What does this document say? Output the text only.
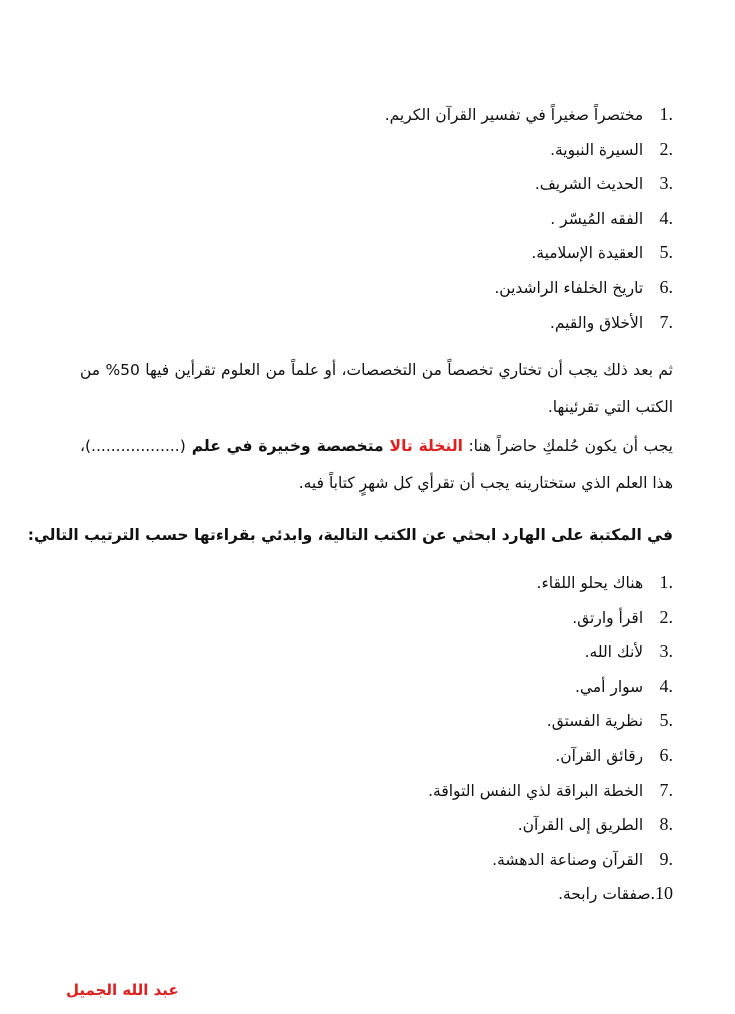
.1  مختصراً صغيراً في تفسير القرآن الكريم.
.2  السيرة النبوية.
.3  الحديث الشريف.
.4  الفقه المُيسّر .
.5  العقيدة الإسلامية.
.6  تاريخ الخلفاء الراشدين.
.7  الأخلاق والقيم.

ثم بعد ذلك يجب أن تختاري تخصصاً من التخصصات، أو علماً من العلوم تقرأين فيها 50% من الكتب التي تقرئينها.

يجب أن يكون حُلمكِ حاضراً هنا: النخلة تالا متخصصة وخبيرة في علم (..................)، هذا العلم الذي ستختارينه يجب أن تقرأي كل شهرٍ كتاباً فيه.

في المكتبة على الهارد ابحثي عن الكتب التالية، وابدئي بقراءتها حسب الترتيب التالي:

.1  هناك يحلو اللقاء.
.2  اقرأ وارتق.
.3  لأنك الله.
.4  سوار أمي.
.5  نظرية الفستق.
.6  رقائق القرآن.
.7  الخطة البراقة لذي النفس التواقة.
.8  الطريق إلى القرآن.
.9  القرآن وصناعة الدهشة.
10.صفقات رابحة.
عبد الله الجميل
